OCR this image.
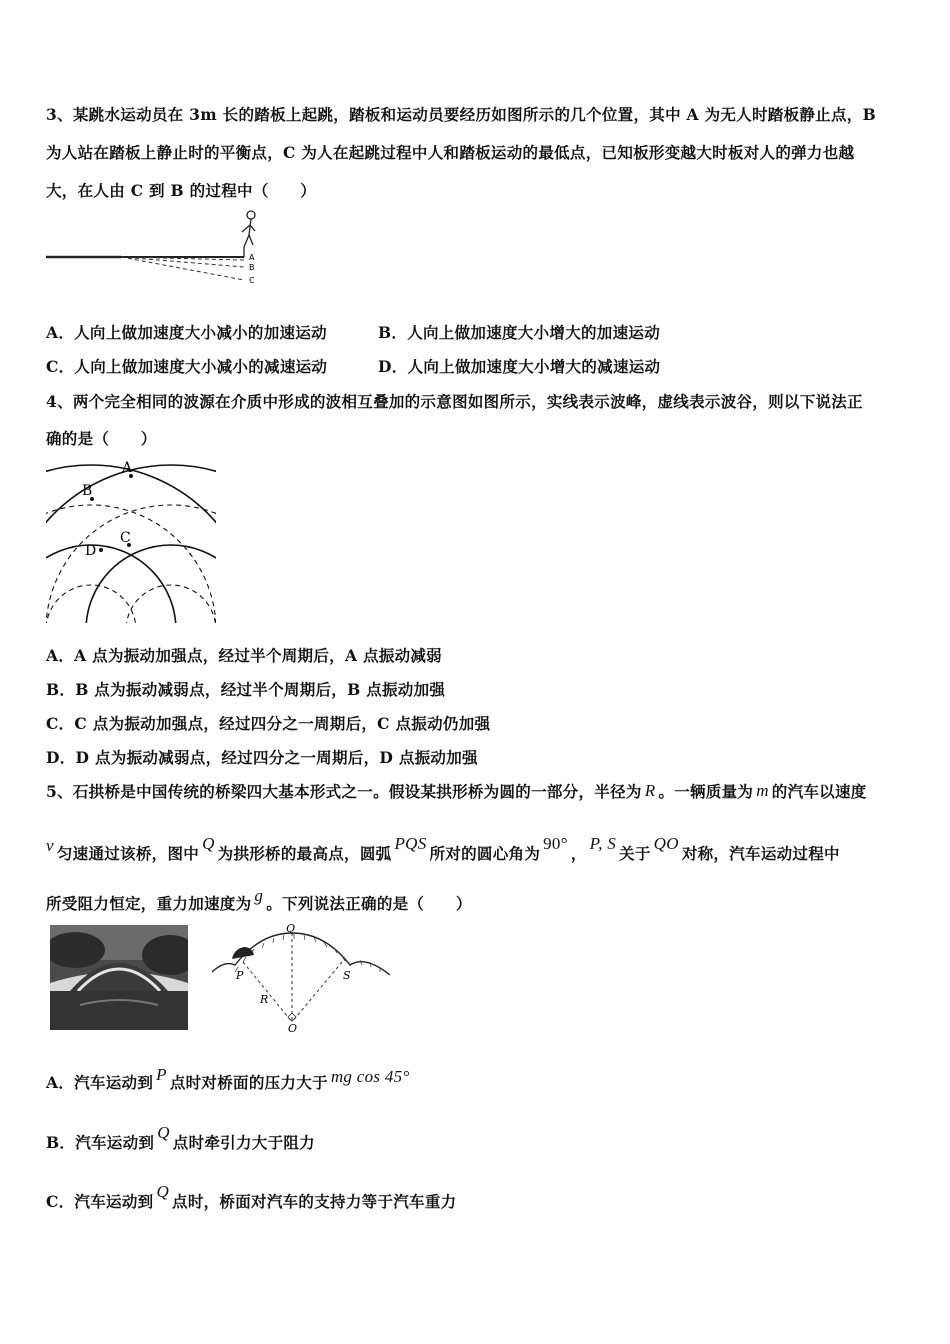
3、某跳水运动员在 3m 长的踏板上起跳，踏板和运动员要经历如图所示的几个位置，其中 A 为无人时踏板静止点，B
为人站在踏板上静止时的平衡点，C 为人在起跳过程中人和踏板运动的最低点，已知板形变越大时板对人的弹力也越
大，在人由 C 到 B 的过程中（　　）
A
B
C
A．人向上做加速度大小减小的加速运动	B．人向上做加速度大小增大的加速运动
C．人向上做加速度大小减小的减速运动	D．人向上做加速度大小增大的减速运动
4、两个完全相同的波源在介质中形成的波相互叠加的示意图如图所示，实线表示波峰，虚线表示波谷，则以下说法正
确的是（　　）
A
B
C
D
A．A 点为振动加强点，经过半个周期后，A 点振动减弱
B．B 点为振动减弱点，经过半个周期后，B 点振动加强
C．C 点为振动加强点，经过四分之一周期后，C 点振动仍加强
D．D 点为振动减弱点，经过四分之一周期后，D 点振动加强
5、石拱桥是中国传统的桥梁四大基本形式之一。假设某拱形桥为圆的一部分，半径为 R 。一辆质量为 m 的汽车以速度
v 匀速通过该桥，图中Q为拱形桥的最高点，圆弧PQS所对的圆心角为90°，P, S关于QO对称，汽车运动过程中
所受阻力恒定，重力加速度为 g 。下列说法正确的是（　　）
Q
P	S
R
O
A．汽车运动到 P 点时对桥面的压力大于 mg cos 45°
B．汽车运动到Q点时牵引力大于阻力
C．汽车运动到Q点时，桥面对汽车的支持力等于汽车重力
